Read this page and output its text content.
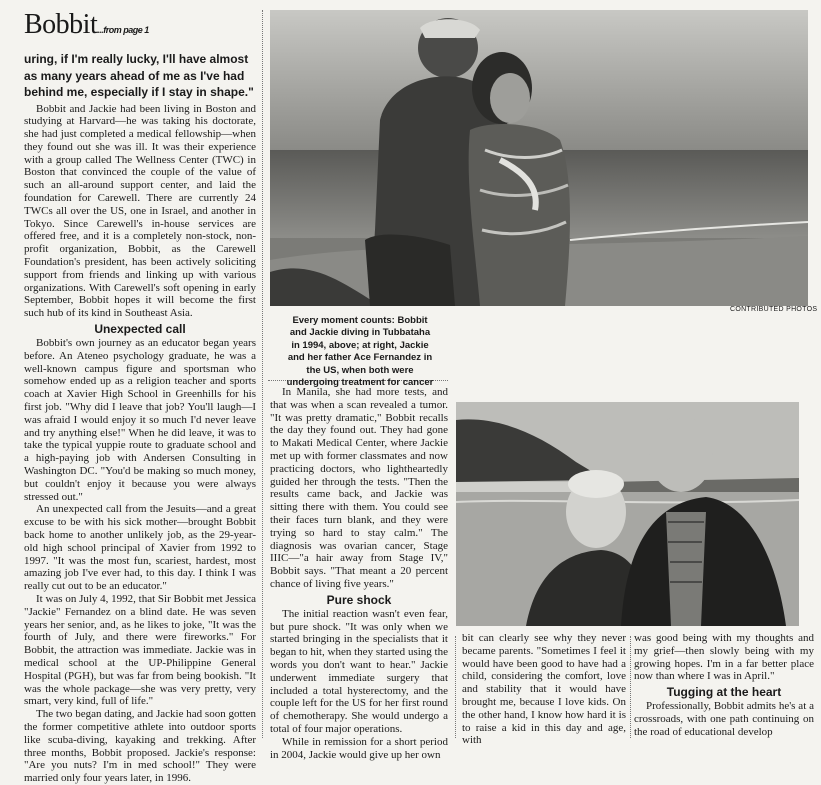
Bobbit...from page 1

uring, if I'm really lucky, I'll have almost as many years ahead of me as I've had behind me, especially if I stay in shape."

Bobbit and Jackie had been living in Boston and studying at Harvard—he was taking his doctorate, she had just completed a medical fellowship—when they found out she was ill. It was their experience with a group called The Wellness Center (TWC) in Boston that convinced the couple of the value of such an all-around support center, and laid the foundation for Carewell. There are currently 24 TWCs all over the US, one in Israel, and another in Tokyo. Since Carewell's in-house services are offered free, and it is a completely non-stock, non-profit organization, Bobbit, as the Carewell Foundation's president, has been actively soliciting support from friends and linking up with various organizations. With Carewell's soft opening in early September, Bobbit hopes it will become the first such hub of its kind in Southeast Asia.

Unexpected call

Bobbit's own journey as an educator began years before. An Ateneo psychology graduate, he was a well-known campus figure and sportsman who somehow ended up as a religion teacher and sports coach at Xavier High School in Greenhills for his first job. "Why did I leave that job? You'll laugh—I was afraid I would enjoy it so much I'd never leave and try anything else!" When he did leave, it was to take the typical yuppie route to graduate school and a high-paying job with Andersen Consulting in Washington DC. "You'd be making so much money, but couldn't enjoy it because you were always stressed out."

An unexpected call from the Jesuits—and a great excuse to be with his sick mother—brought Bobbit back home to another unlikely job, as the 29-year-old high school principal of Xavier from 1992 to 1997. "It was the most fun, scariest, hardest, most amazing job I've ever had, to this day. I think I was really cut out to be an educator."

It was on July 4, 1992, that Sir Bobbit met Jessica "Jackie" Fernandez on a blind date. He was seven years her senior, and, as he likes to joke, "It was the fourth of July, and there were fireworks." For Bobbit, the attraction was immediate. Jackie was in medical school at the UP-Philippine General Hospital (PGH), but was far from being bookish. "It was the whole package—she was very pretty, very smart, very kind, full of life."

The two began dating, and Jackie had soon gotten the former competitive athlete into outdoor sports like scuba-diving, kayaking and trekking. After three months, Bobbit proposed. Jackie's response: "Are you nuts? I'm in med school!" They were married only four years later, in 1996.

CONTRIBUTED PHOTOS
Every moment counts: Bobbit and Jackie diving in Tubbataha in 1994, above; at right, Jackie and her father Ace Fernandez in the US, when both were undergoing treatment for cancer

In Manila, she had more tests, and that was when a scan revealed a tumor. "It was pretty dramatic," Bobbit recalls the day they found out. They had gone to Makati Medical Center, where Jackie met up with former classmates and now practicing doctors, who lightheartedly guided her through the tests. "Then the results came back, and Jackie was sitting there with them. You could see their faces turn blank, and they were trying so hard to stay calm." The diagnosis was ovarian cancer, Stage IIIC—"a hair away from Stage IV," Bobbit says. "That meant a 20 percent chance of living five years."

Pure shock

The initial reaction wasn't even fear, but pure shock. "It was only when we started bringing in the specialists that it began to hit, when they started using the words you don't want to hear." Jackie underwent immediate surgery that included a total hysterectomy, and the couple left for the US for her first round of chemotherapy. She would undergo a total of four major operations.

While in remission for a short period in 2004, Jackie would give up her own

bit can clearly see why they never became parents. "Sometimes I feel it would have been good to have had a child, considering the comfort, love and stability that it would have brought me, because I love kids. On the other hand, I know how hard it is to raise a kid in this day and age, with

was good being with my thoughts and my grief—then slowly being with my growing hopes. I'm in a far better place now than where I was in April."

Tugging at the heart

Professionally, Bobbit admits he's at a crossroads, with one path continuing on the road of educational develop
